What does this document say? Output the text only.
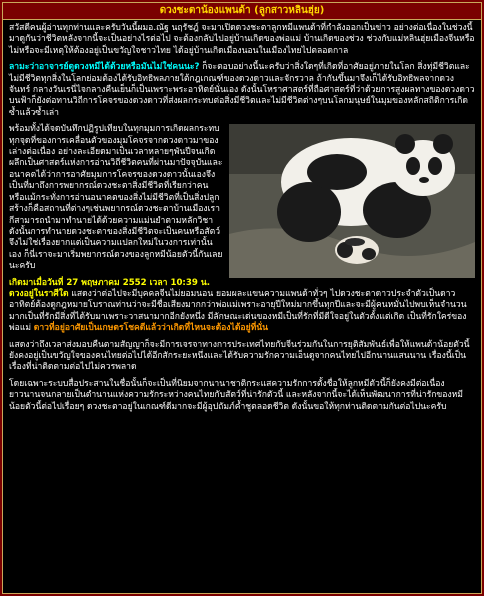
ดวงชะตาน้องแพนด้า (ลูกสาวหลินฮุ่ย)

สวัสดีคนผู้อ่านทุกท่านและครับวันนี้ผมอ.ณัฐ นฤรัชฎ์ จะมาเปิดดวงชะตาลูกหมีแพนด้าที่กำลังออกเป็นข่าว อย่างต่อเนื่องในช่วงนี้ มาดูกันว่าชีวิตหลังจากนี้จะเป็นอย่างไรต่อไป จะต้องกลับไปอยู่บ้านเกิดของพ่อแม่ บ้านเกิดของช่วง ช่วงกับแม่หลินฮุ่ยเมืองจีนหรือไม่หรือจะมีเหตุให้ต้องอยู่เป็นขวัญใจชาวไทย ได้อยู่บ้านเกิดเมืองนอนในเมืองไทยไปตลอดกาล

ลามะว่าอาจารย์ดูดวงหมีได้ด้วยหรือมันไม่ใช่คนนะ? ก็จะตอบอย่างนี้นะครับว่าสิ่งใดๆที่เกิดที่อาศัยอยู่ภายในโลก สิ่งทุ่มีชีวิตและไม่มีชีวิตทุกสิ่งในโลกย่อมต้องได้รับอิทธิพลภายใต้กฎเกณฑ์ของดวงดาวและจักรวาล ถ้ากันขึ้นมาจึงเก็ได้รับอิทธิพลจากดวงจันทร์ กลางวันเรนี่ไจกลางคืนเย็นก็เป็นเพราะพระอาทิตย์นั่นเอง ดังนั้นโหราศาสตร์ที่ถือศาสตร์ที่ว่าด้วยการสูงผลทางของดวงดาวบนฟ้าก็ยังต่อทานวิถีการโคจรของดวงดาวที่ส่งผลกระทบต่อสิ่งมีชีวิตและไม่มีชีวิตต่างๆบนโลกมนุษย์ในมุมของหลักสถิติการเกิดซ้ำแล้วซ้ำเล่า

พร้อมทั้งได้จดบันทึกปฏิรูปเทียบในทุกมุมการเกิดผลกระทบทุกจุดที่ของการเคลื่อนตัวของมุมโคจรจากดวงดาวมาของเล่างต่อเนื่อง อย่างละเอียดมาเป็นเวลาหลายๆพันปีจนเกิดผลึกเป็นศาสตร์แห่งการอ่านวิถีชีวิตคนที่ผ่านมาปัจจุบันและอนาคตได้ว่าการอาศัยมุมการโคจรของดวงดาวนั้นเองจึงเป็นที่มาถึงการพยากรณ์ดวงชะตาสิ่งมีชีวิตที่เรียกว่าคนหรือแม้กระทั่งการอ่านอนาคตของสิ่งไม่มีชีวิตที่เป็นสิ่งปลูกสร้างก็คือสถานที่ต่างๆเช่นพยากรณ์ดวงชะตาบ้านเมืองเรากีสามารถนำมาทำนายได้ด้วยความแม่นยำตามหลักวิชา ดังนั้นการทำนายดวงชะตาของสิ่งมีชีวิตจะเป็นคนหรือสัตว์จึงไม่ใช่เรื่องยากแต่เป็นความแปลกใหม่ในวงการเท่านั้นเอง ก็นี่เราจะมาเริ่มพยากรณ์ดวงของลูกหมีน้อยตัวนี้กันเลยนะครับ

เกิดมาเมื่อวันที่ 27 พฤษภาคม 2552 เวลา 10:39 น. ดวงอยู่ในราศีใด แสดงว่าต่อไปจะมีบุคคลจีนไม่ยอมนอน ยอมผละแขนความแพนด้าทั่วๆ ไปดวงชะตาดาวประจำตัวเป็นดาวอาทิตย์ต้องดูกฎหมายโบราณท่านว่าจะมีชื่อเสียงมากกว่าพ่อแม่เพราะอายุปีใหม่มากขึ้นทุกปีและจะมีผู้คนหมั่นไปพบเห็นจำนวนมากเป็นที่รักมีสิ่งที่ได้รับมาเพราะวาสนามากอีกยังหนึ่ง มีลักษณะเด่นของหมีเป็นที่รักที่มีดีใจอยู่ในตัวตั้งแต่เกิด เป็นที่รักใคร่ของพ่อแม่ ดาวที่อยู่อาศัยเป็นเกษตรโชคดีแล้วว่าเกิดที่ไหนจะต้องได้อยู่ที่นั่น

แสดงว่าถึงเวลาส่งมอบคืนตามสัญญาก็จะมีการเจรจาทางการประเทศไทยกับจีนร่วมกันในการยุติสัมพันธ์เพื่อให้แพนด้าน้อยตัวนี้ยังคงอยู่เป็นขวัญใจของคนไทยต่อไปได้อีกสักระยะหนึ่งและได้รับความรักความเอ็นดูจากคนไทยไปอีกนานแสนนาน เรื่องนี้เป็นเรื่องที่น่าติดตามต่อไปไม่ควรพลาด

โดยเฉพาะระบบสื่อประสานในชื่อนั้นก็จะเป็นที่นิยมจากนานาชาติกระแสความรักการตั้งชื่อให้ลูกหมีตัวนี้ก็ยังคงมีต่อเนื่องยาวนานจนกลายเป็นตำนานแห่งความรักระหว่างคนไทยกับสัตว์ที่น่ารักตัวนี้ และหลังจากนี้จะได้เห็นพัฒนาการที่น่ารักของหมีน้อยตัวนี้ต่อไปเรื่อยๆ ดวงชะตาอยู่ในเกณฑ์ดีมากจะมีผู้อุปถัมภ์ค้ำชูตลอดชีวิต ดังนั้นขอให้ทุกท่านติดตามกันต่อไปนะครับ
